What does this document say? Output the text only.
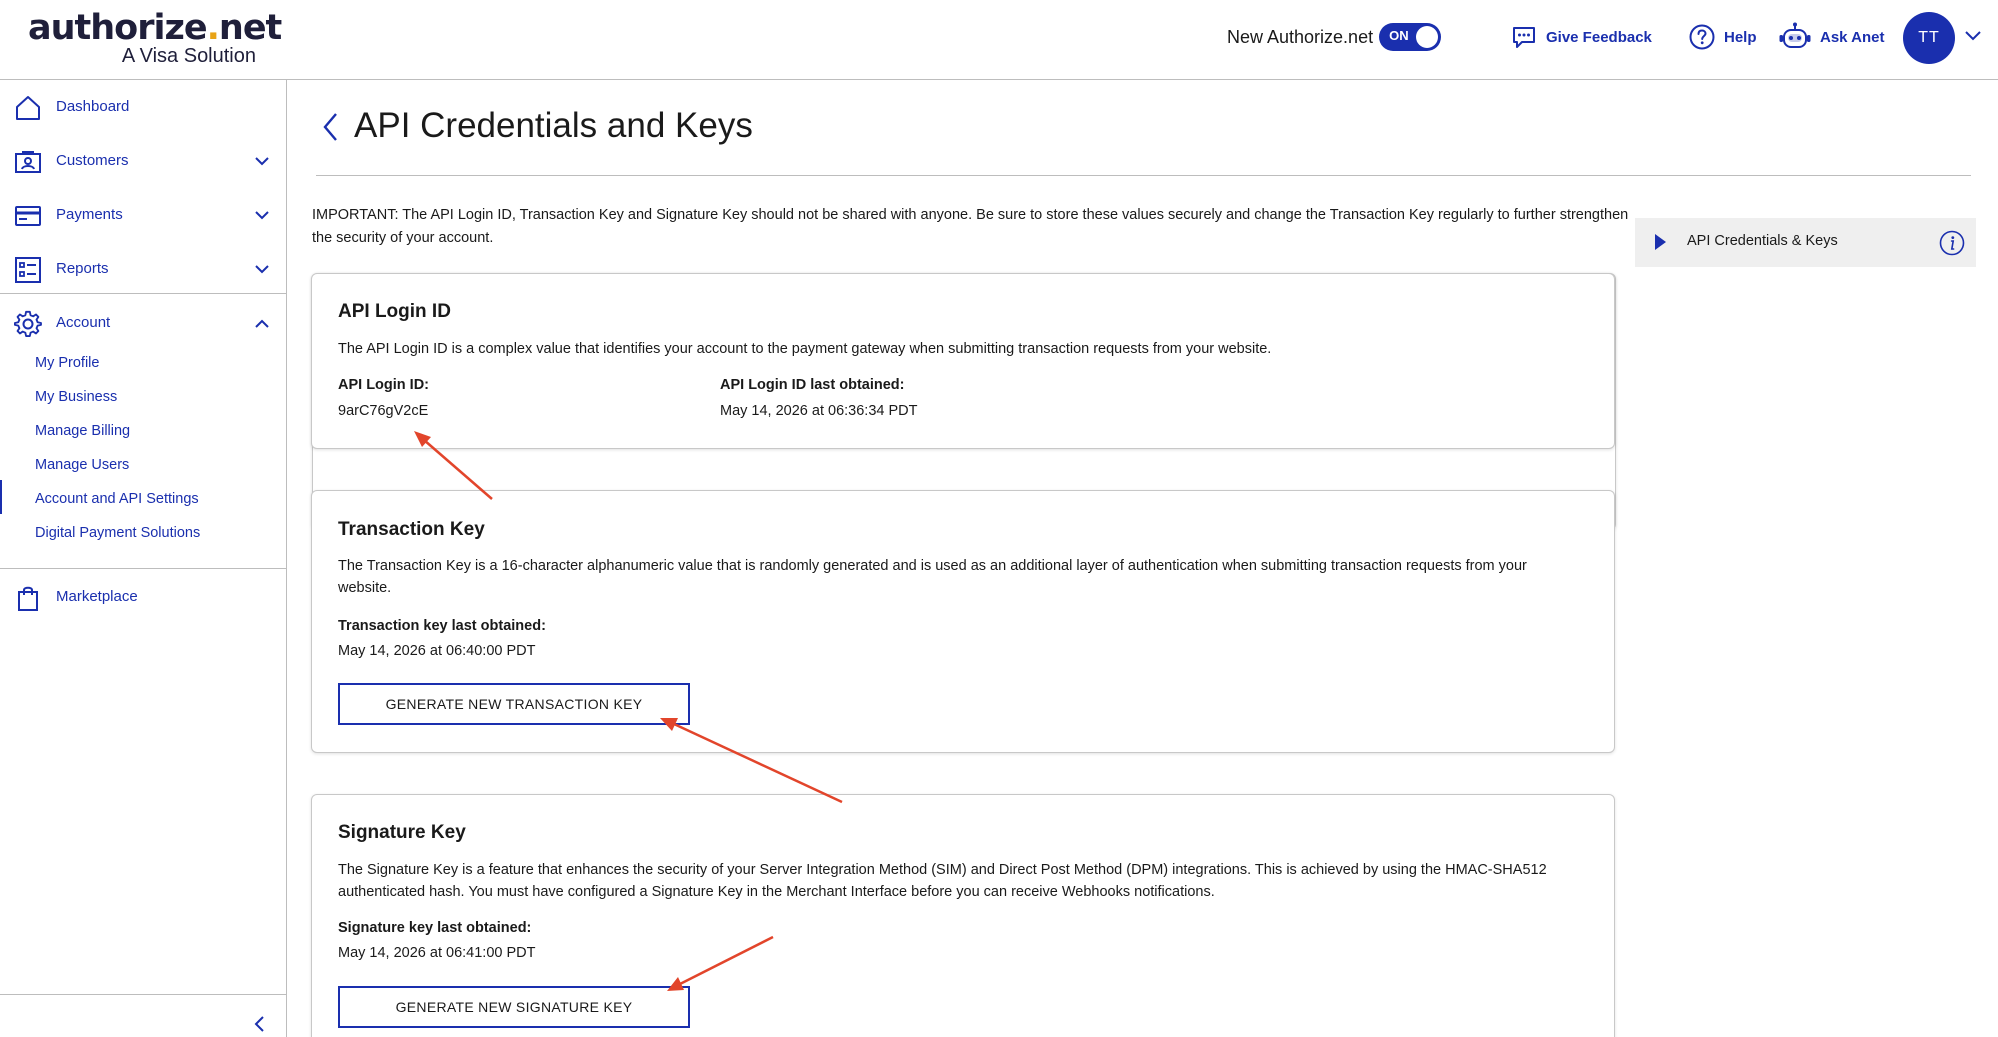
authorize.net
A Visa Solution
New Authorize.net ON	Give Feedback	Help	Ask Anet	TT
Dashboard
Customers
Payments
Reports
Account
My Profile
My Business
Manage Billing
Manage Users
Account and API Settings
Digital Payment Solutions
Marketplace
API Credentials and Keys
IMPORTANT: The API Login ID, Transaction Key and Signature Key should not be shared with anyone. Be sure to store these values securely and change the Transaction Key regularly to further strengthen the security of your account.
API Login ID
The API Login ID is a complex value that identifies your account to the payment gateway when submitting transaction requests from your website.
API Login ID:
9arC76gV2cE
API Login ID last obtained:
May 14, 2026 at 06:36:34 PDT
Transaction Key
The Transaction Key is a 16-character alphanumeric value that is randomly generated and is used as an additional layer of authentication when submitting transaction requests from your website.
Transaction key last obtained:
May 14, 2026 at 06:40:00 PDT
GENERATE NEW TRANSACTION KEY
Signature Key
The Signature Key is a feature that enhances the security of your Server Integration Method (SIM) and Direct Post Method (DPM) integrations. This is achieved by using the HMAC-SHA512 authenticated hash. You must have configured a Signature Key in the Merchant Interface before you can receive Webhooks notifications.
Signature key last obtained:
May 14, 2026 at 06:41:00 PDT
GENERATE NEW SIGNATURE KEY
API Credentials & Keys
